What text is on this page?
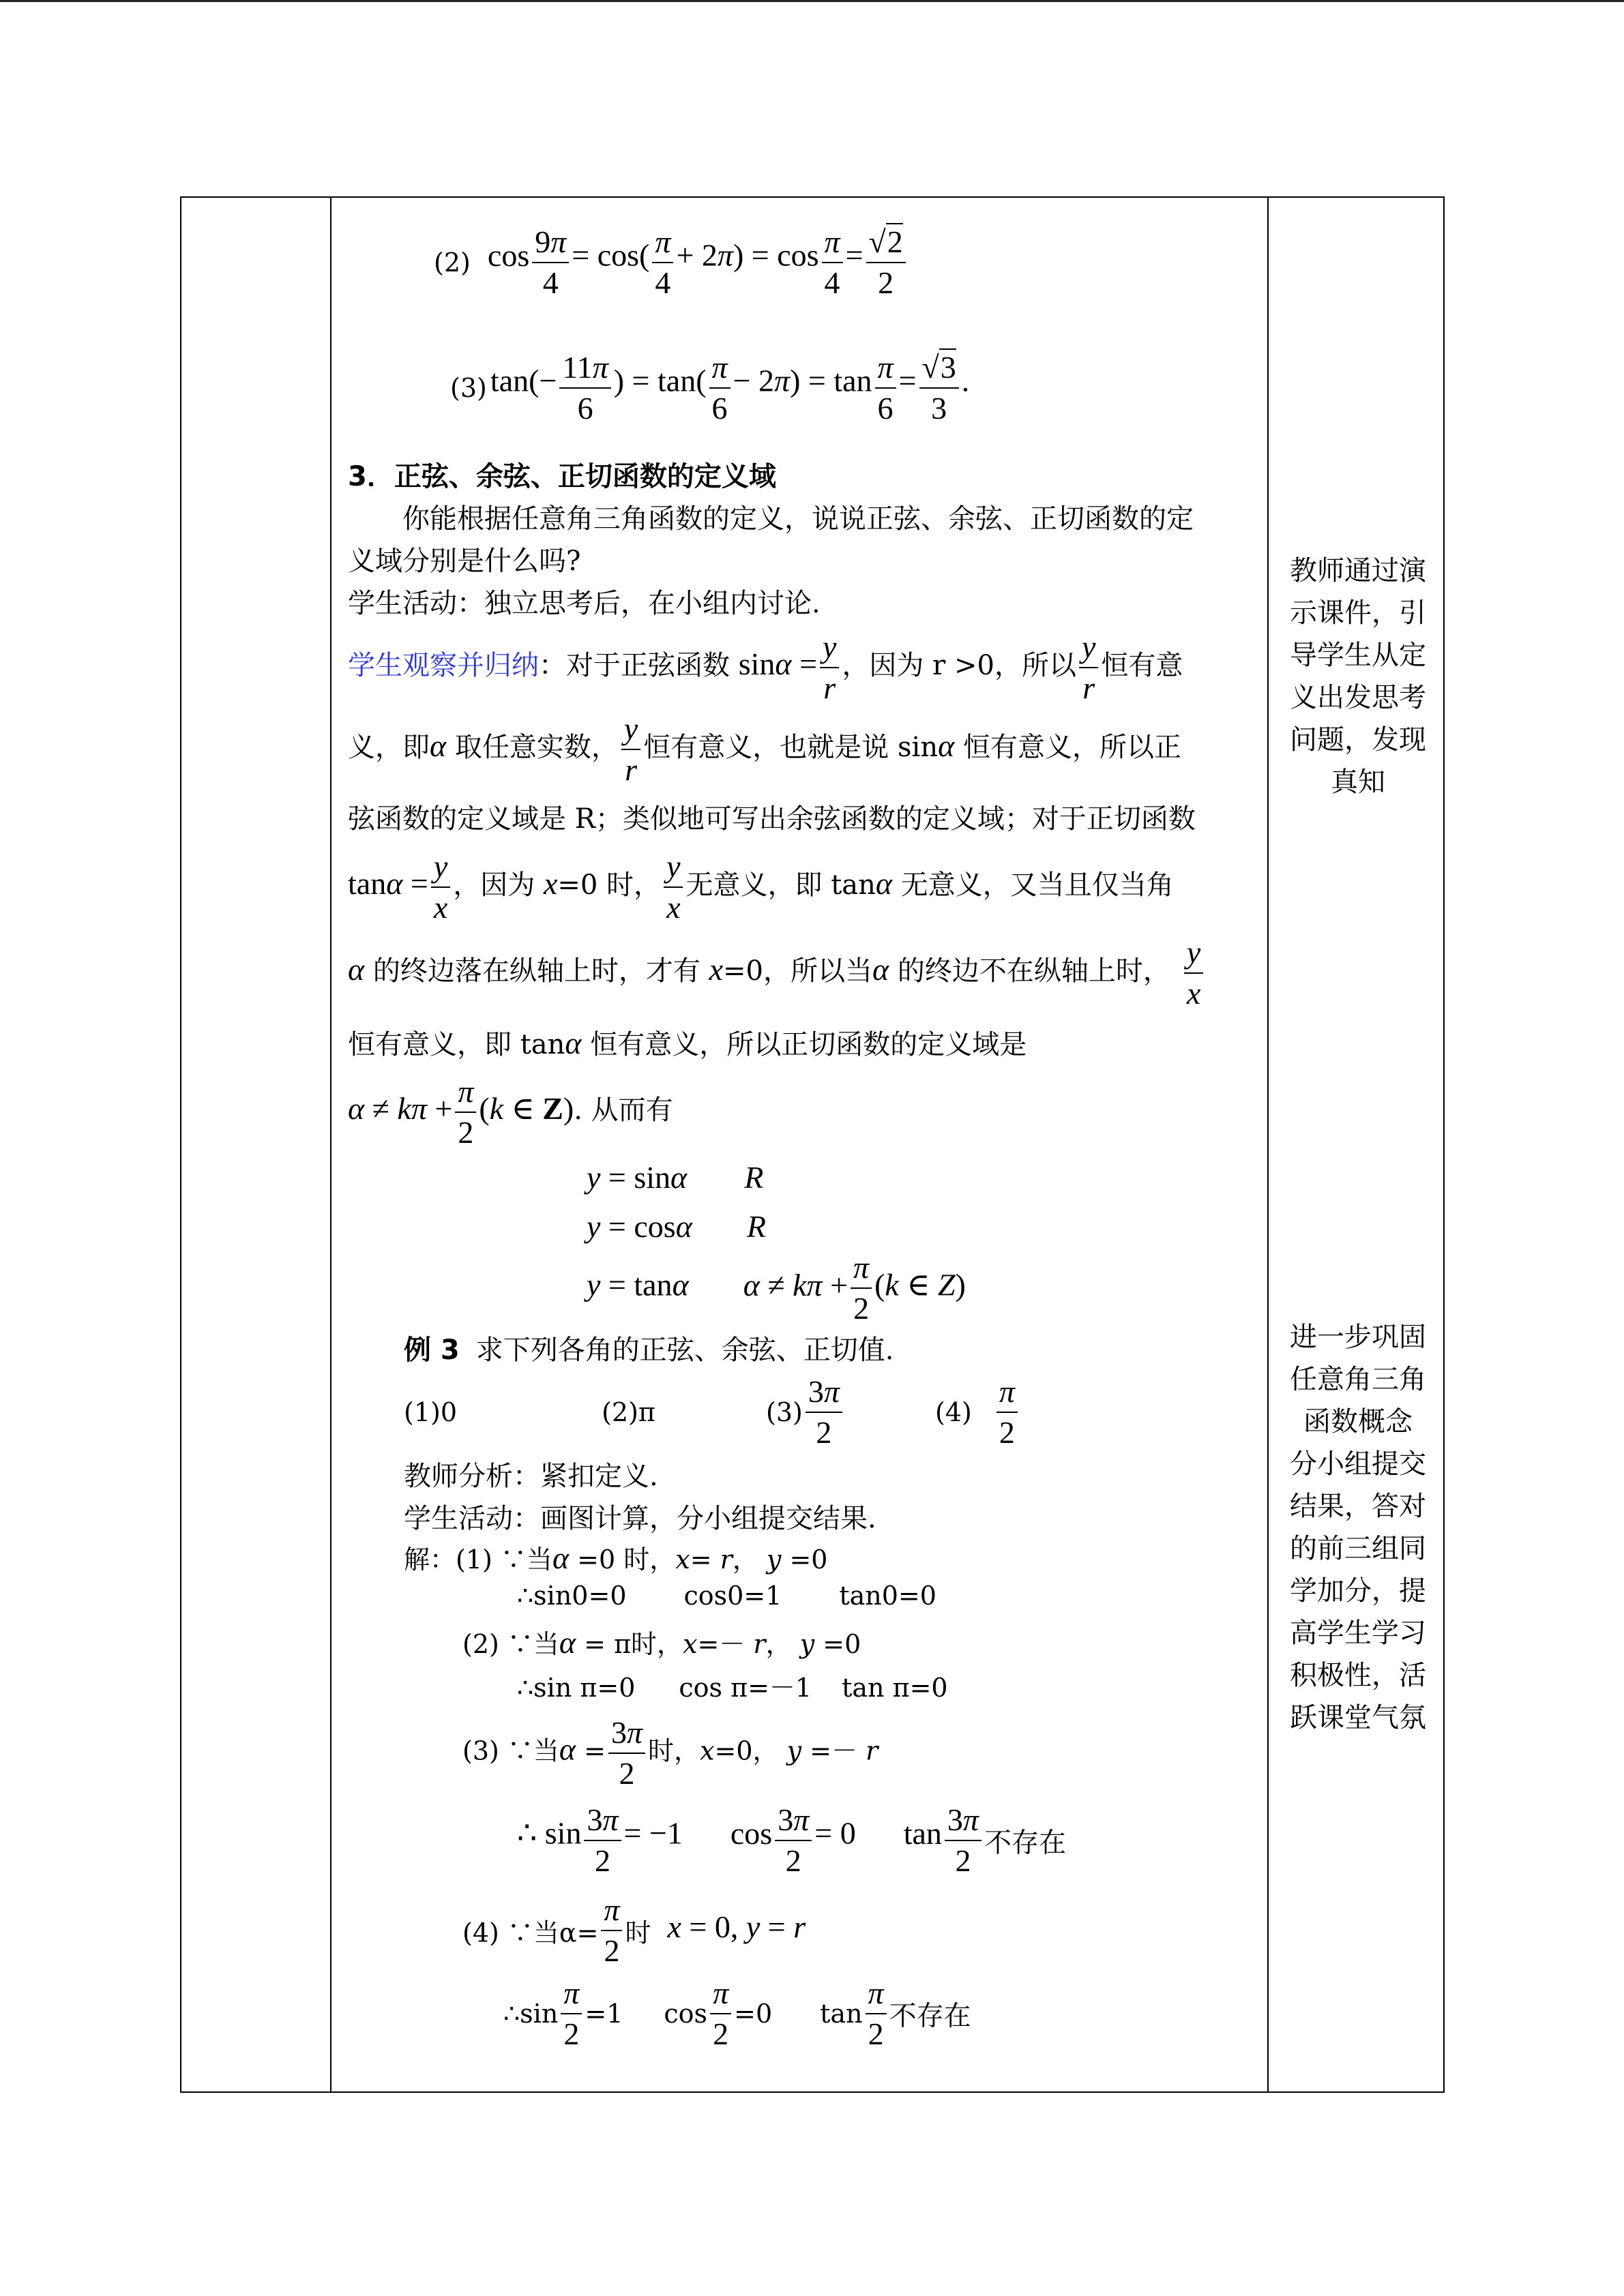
(2) $\cos \frac{9\pi}{4} = \cos( \frac{\pi}{4} + 2\pi) = \cos \frac{\pi}{4} = \frac{√2}{2}$
(3) $\tan(- \frac{11\pi}{6}$ ) = $\tan( \frac{\pi}{6} - 2\pi) = \tan \frac{\pi}{6} = \frac{√3}{3}$ .
3．正弦、余弦、正切函数的定义域
你能根据任意角三角函数的定义，说说正弦、余弦、正切函数的定
义域分别是什么吗?
学生活动：独立思考后，在小组内讨论.
学生观察并归纳：对于正弦函数 $\sin\alpha = \frac{y}{r}$ ，因为 r >0，所以 $\frac{y}{r}$ 恒有意
义，即α 取任意实数， $\frac{y}{r}$ 恒有意义，也就是说 sinα 恒有意义，所以正
弦函数的定义域是 R；类似地可写出余弦函数的定义域；对于正切函数
$\tan\alpha = \frac{y}{x}$ ，因为 x=0 时， $\frac{y}{x}$ 无意义，即 tanα 无意义，又当且仅当角
α 的终边落在纵轴上时，才有 x=0，所以当α 的终边不在纵轴上时， $\frac{y}{x}$
恒有意义，即 tanα 恒有意义，所以正切函数的定义域是
$\alpha \ne k\pi + \frac{\pi}{2} (k$ ∈ Z). 从而有
y = sinα R
y = cosα R
y = tanα $\alpha \ne k\pi + \frac{\pi}{2} (k$ ∈ Z)
例 3 求下列各角的正弦、余弦、正切值.
(1)0	(2)π	$(3) \frac{3\pi}{2}$	$(4) \frac{\pi}{2}$
教师分析：紧扣定义.
学生活动：画图计算，分小组提交结果.
解：(1) ∵当α =0 时，x= r， y =0
∴sin0=0 cos0=1 tan0=0
(2) ∵当α = π时，x=－ r， y =0
∴sin π=0 cos π=－1 tan π=0
(3) ∵当$\alpha = \frac{3\pi}{2}$ 时，x=0， y =－ r
∴ $\sin \frac{3\pi}{2} = -1$ $\cos \frac{3\pi}{2} = 0$ $\tan \frac{3\pi}{2}$ 不存在
(4) ∵当$\alpha= \frac{\pi}{2}$ 时 x = 0, y = r
∴sin $\frac{\pi}{2} =1$ $\cos \frac{\pi}{2} =0$ $\tan \frac{\pi}{2}$ 不存在
教师通过演
示课件，引
导学生从定
义出发思考
问题，发现
真知
进一步巩固
任意角三角
函数概念
分小组提交
结果，答对
的前三组同
学加分，提
高学生学习
积极性，活
跃课堂气氛
